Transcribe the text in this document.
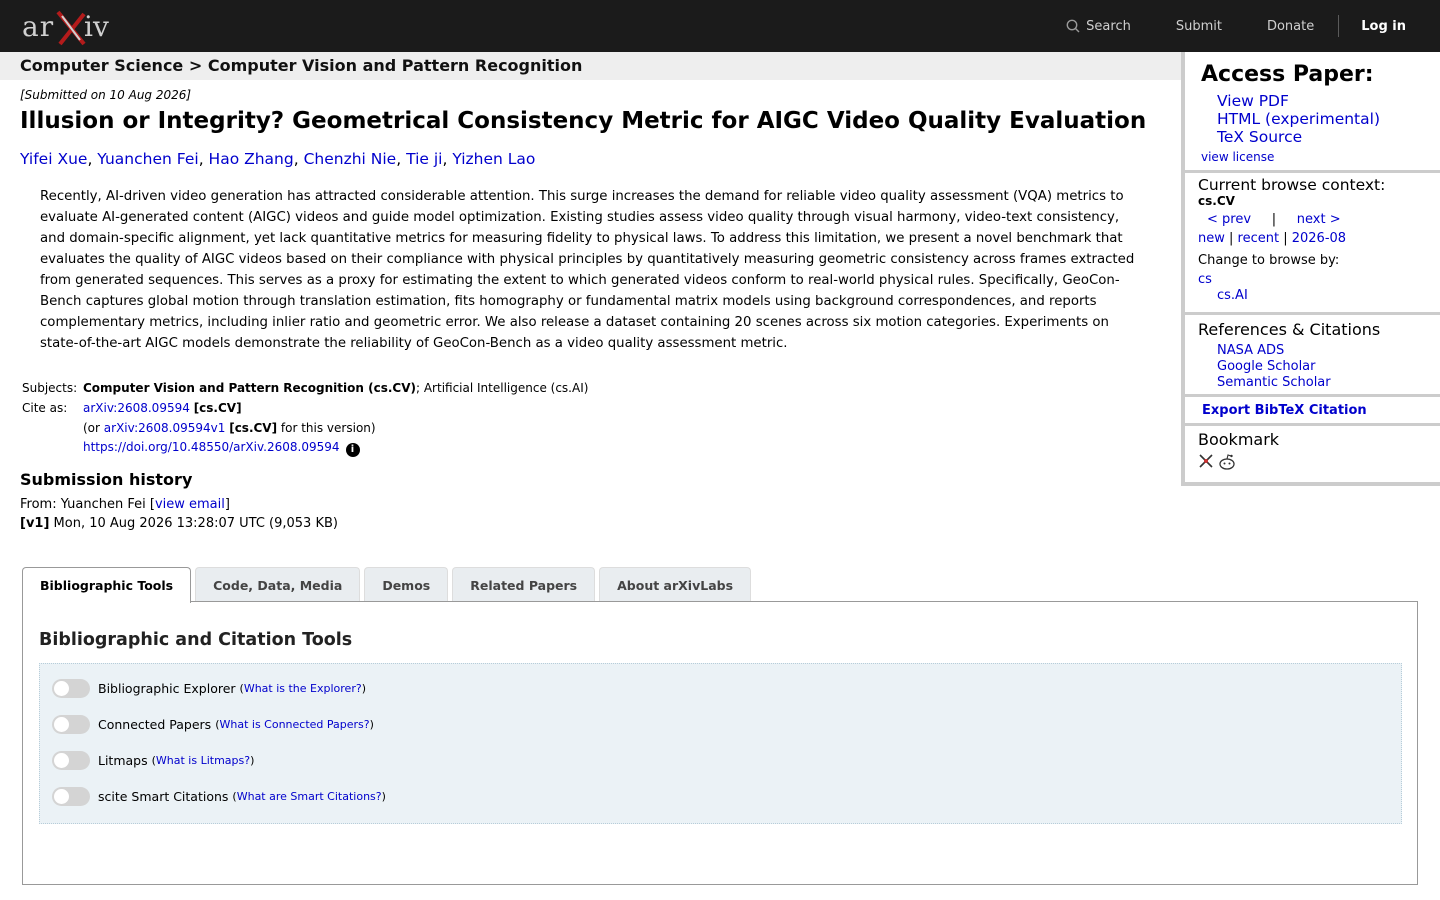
ar iv	Search	Submit	Donate	Log in
Computer Science > Computer Vision and Pattern Recognition
[Submitted on 10 Aug 2026]
Illusion or Integrity? Geometrical Consistency Metric for AIGC Video Quality Evaluation
Yifei Xue, Yuanchen Fei, Hao Zhang, Chenzhi Nie, Tie ji, Yizhen Lao

Recently, AI-driven video generation has attracted considerable attention. This surge increases the demand for reliable video quality assessment (VQA) metrics to evaluate AI-generated content (AIGC) videos and guide model optimization. Existing studies assess video quality through visual harmony, video-text consistency, and domain-specific alignment, yet lack quantitative metrics for measuring fidelity to physical laws. To address this limitation, we present a novel benchmark that evaluates the quality of AIGC videos based on their compliance with physical principles by quantitatively measuring geometric consistency across frames extracted from generated sequences. This serves as a proxy for estimating the extent to which generated videos conform to real-world physical rules. Specifically, GeoCon-Bench captures global motion through translation estimation, fits homography or fundamental matrix models using background correspondences, and reports complementary metrics, including inlier ratio and geometric error. We also release a dataset containing 20 scenes across six motion categories. Experiments on state-of-the-art AIGC models demonstrate the reliability of GeoCon-Bench as a video quality assessment metric.

Subjects: Computer Vision and Pattern Recognition (cs.CV); Artificial Intelligence (cs.AI)
Cite as:	arXiv:2608.09594 [cs.CV]
(or arXiv:2608.09594v1 [cs.CV] for this version)
https://doi.org/10.48550/arXiv.2608.09594 i
Submission history
From: Yuanchen Fei [view email]
[v1] Mon, 10 Aug 2026 13:28:07 UTC (9,053 KB)
Bibliographic Tools	Code, Data, Media	Demos	Related Papers	About arXivLabs
Bibliographic and Citation Tools
Bibliographic Explorer
(What is the Explorer?)
Connected Papers
(What is Connected Papers?)
Litmaps
(What is Litmaps?)
scite Smart Citations
(What are Smart Citations?)
Access Paper:
View PDF
HTML (experimental)
TeX Source
view license
Current browse context:
cs.CV
< prev | next >
new | recent | 2026-08
Change to browse by:
cs
cs.AI
References & Citations
NASA ADS
Google Scholar
Semantic Scholar
Export BibTeX Citation
Bookmark
